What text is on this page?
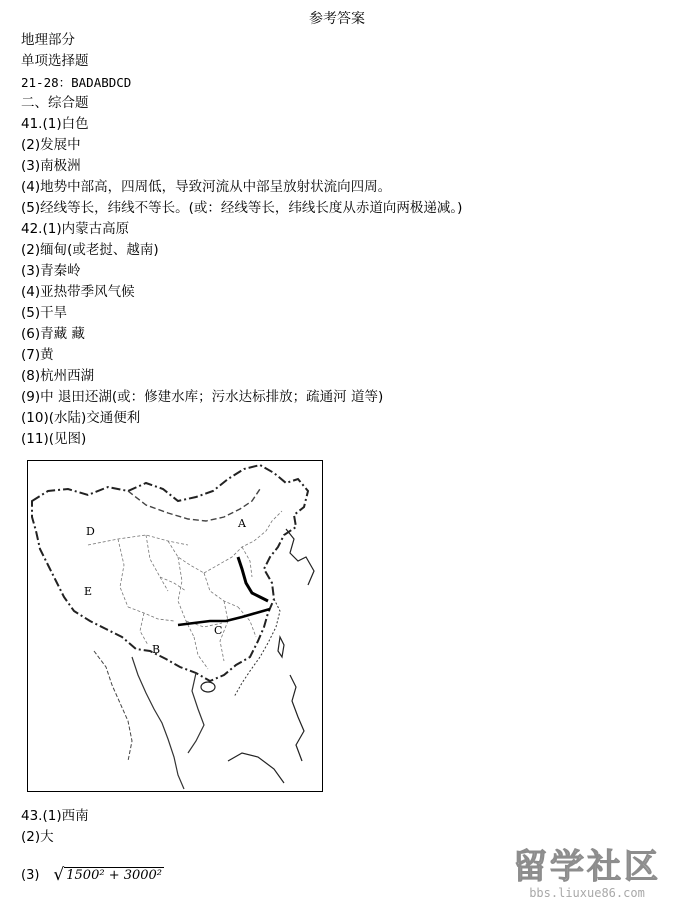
参考答案
地理部分
单项选择题
21-28：BADABDCD
二、综合题
41.(1)白色
(2)发展中
(3)南极洲
(4)地势中部高，四周低，导致河流从中部呈放射状流向四周。
(5)经线等长，纬线不等长。(或：经线等长，纬线长度从赤道向两极递减。)
42.(1)内蒙古高原
(2)缅甸(或老挝、越南)
(3)青秦岭
(4)亚热带季风气候
(5)干旱
(6)青藏 藏
(7)黄
(8)杭州西湖
(9)中 退田还湖(或：修建水库；污水达标排放；疏通河 道等)
(10)(水陆)交通便利
(11)(见图)
A
B
C
D
E
43.(1)西南
(2)大
(3) √ 1500² + 3000²	留学社区
bbs.liuxue86.com
